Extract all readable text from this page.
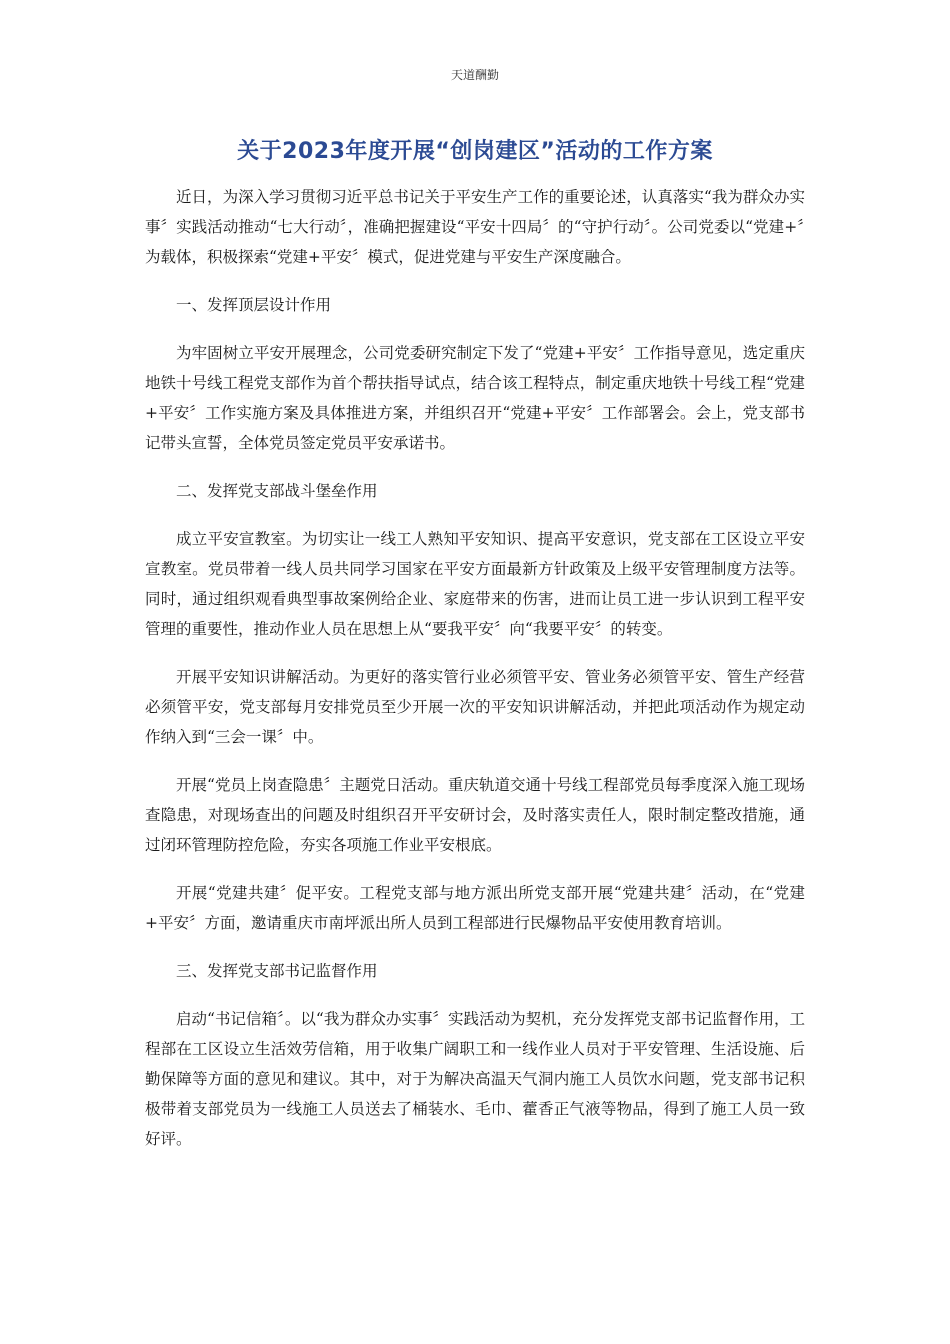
天道酬勤
关于2023年度开展“创岗建区”活动的工作方案

近日，为深入学习贯彻习近平总书记关于平安生产工作的重要论述，认真落实“我为群众办实事〞实践活动推动“七大行动〞，准确把握建设“平安十四局〞的“守护行动〞。公司党委以“党建+〞为载体，积极探索“党建+平安〞模式，促进党建与平安生产深度融合。

一、发挥顶层设计作用

为牢固树立平安开展理念，公司党委研究制定下发了“党建+平安〞工作指导意见，选定重庆地铁十号线工程党支部作为首个帮扶指导试点，结合该工程特点，制定重庆地铁十号线工程“党建+平安〞工作实施方案及具体推进方案，并组织召开“党建+平安〞工作部署会。会上，党支部书记带头宣誓，全体党员签定党员平安承诺书。

二、发挥党支部战斗堡垒作用

成立平安宣教室。为切实让一线工人熟知平安知识、提高平安意识，党支部在工区设立平安宣教室。党员带着一线人员共同学习国家在平安方面最新方针政策及上级平安管理制度方法等。同时，通过组织观看典型事故案例给企业、家庭带来的伤害，进而让员工进一步认识到工程平安管理的重要性，推动作业人员在思想上从“要我平安〞向“我要平安〞的转变。

开展平安知识讲解活动。为更好的落实管行业必须管平安、管业务必须管平安、管生产经营必须管平安，党支部每月安排党员至少开展一次的平安知识讲解活动，并把此项活动作为规定动作纳入到“三会一课〞中。

开展“党员上岗查隐患〞主题党日活动。重庆轨道交通十号线工程部党员每季度深入施工现场查隐患，对现场查出的问题及时组织召开平安研讨会，及时落实责任人，限时制定整改措施，通过闭环管理防控危险，夯实各项施工作业平安根底。

开展“党建共建〞促平安。工程党支部与地方派出所党支部开展“党建共建〞活动，在“党建+平安〞方面，邀请重庆市南坪派出所人员到工程部进行民爆物品平安使用教育培训。

三、发挥党支部书记监督作用

启动“书记信箱〞。以“我为群众办实事〞实践活动为契机，充分发挥党支部书记监督作用，工程部在工区设立生活效劳信箱，用于收集广阔职工和一线作业人员对于平安管理、生活设施、后勤保障等方面的意见和建议。其中，对于为解决高温天气洞内施工人员饮水问题，党支部书记积极带着支部党员为一线施工人员送去了桶装水、毛巾、藿香正气液等物品，得到了施工人员一致好评。
